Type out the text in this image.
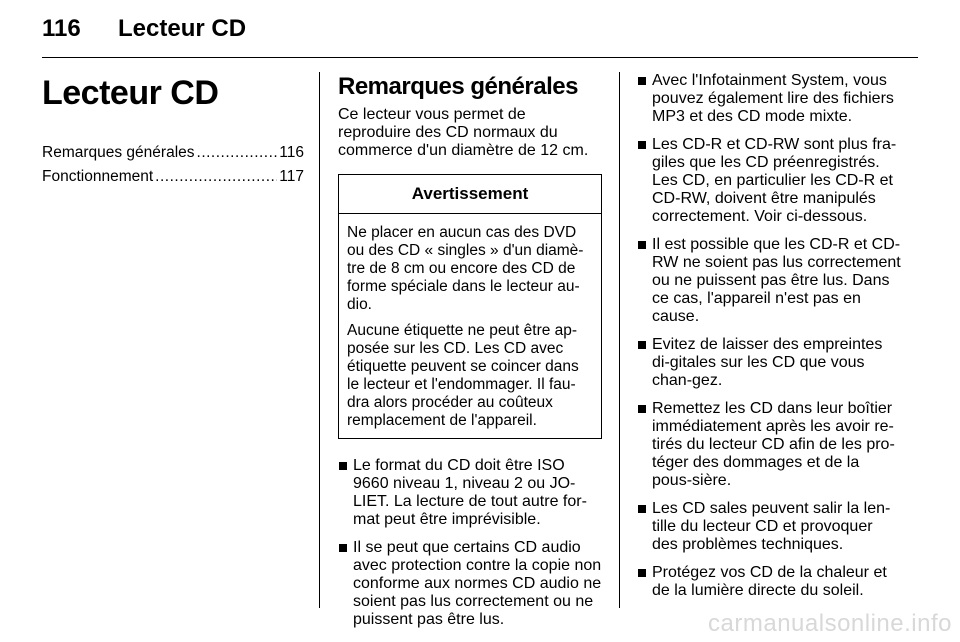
116 Lecteur CD
Lecteur CD
Remarques générales .....	116
Fonctionnement .....	117
Remarques générales

Ce lecteur vous permet de reproduire des CD normaux du commerce d'un diamètre de 12 cm.

Avertissement

Ne placer en aucun cas des DVD ou des CD « singles » d'un diamè-tre de 8 cm ou encore des CD de forme spéciale dans le lecteur au-dio.

Aucune étiquette ne peut être ap-posée sur les CD. Les CD avec étiquette peuvent se coincer dans le lecteur et l'endommager. Il fau-dra alors procéder au coûteux remplacement de l'appareil.

Le format du CD doit être ISO 9660 niveau 1, niveau 2 ou JO-LIET. La lecture de tout autre for-mat peut être imprévisible.
Il se peut que certains CD audio avec protection contre la copie non conforme aux normes CD audio ne soient pas lus correctement ou ne puissent pas être lus.
Avec l'Infotainment System, vous pouvez également lire des fichiers MP3 et des CD mode mixte.
Les CD-R et CD-RW sont plus fra-giles que les CD préenregistrés. Les CD, en particulier les CD-R et CD-RW, doivent être manipulés correctement. Voir ci-dessous.
Il est possible que les CD-R et CD-RW ne soient pas lus correctement ou ne puissent pas être lus. Dans ce cas, l'appareil n'est pas en cause.
Evitez de laisser des empreintes di-gitales sur les CD que vous chan-gez.
Remettez les CD dans leur boîtier immédiatement après les avoir re-tirés du lecteur CD afin de les pro-téger des dommages et de la pous-sière.
Les CD sales peuvent salir la len-tille du lecteur CD et provoquer des problèmes techniques.
Protégez vos CD de la chaleur et de la lumière directe du soleil.
carmanualsonline.info
